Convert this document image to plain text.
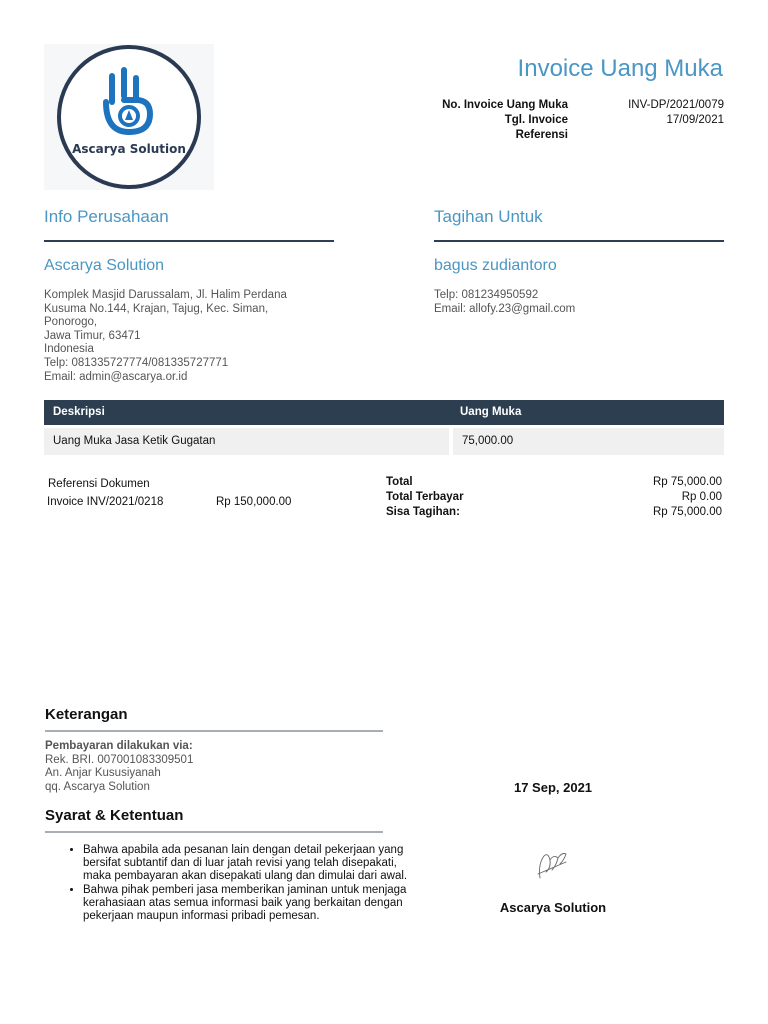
Ascarya Solution
Invoice Uang Muka
No. Invoice Uang Muka	INV-DP/2021/0079
Tgl. Invoice	17/09/2021
Referensi
Info Perusahaan
Ascarya Solution
Komplek Masjid Darussalam, Jl. Halim Perdana
Kusuma No.144, Krajan, Tajug, Kec. Siman,
Ponorogo,
Jawa Timur, 63471
Indonesia
Telp: 081335727774/081335727771
Email: admin@ascarya.or.id
Tagihan Untuk
bagus zudiantoro
Telp: 081234950592
Email: allofy.23@gmail.com
Deskripsi	Uang Muka
Uang Muka Jasa Ketik Gugatan	75,000.00
Referensi Dokumen
Invoice INV/2021/0218	Rp 150,000.00
Total	Rp 75,000.00
Total Terbayar	Rp 0.00
Sisa Tagihan:	Rp 75,000.00
Keterangan
Pembayaran dilakukan via:
Rek. BRI. 007001083309501
An. Anjar Kususiyanah
qq. Ascarya Solution
Syarat & Ketentuan
• Bahwa apabila ada pesanan lain dengan detail pekerjaan yang bersifat subtantif dan di luar jatah revisi yang telah disepakati, maka pembayaran akan disepakati ulang dan dimulai dari awal.
• Bahwa pihak pemberi jasa memberikan jaminan untuk menjaga kerahasiaan atas semua informasi baik yang berkaitan dengan pekerjaan maupun informasi pribadi pemesan.
17 Sep, 2021
Ascarya Solution
